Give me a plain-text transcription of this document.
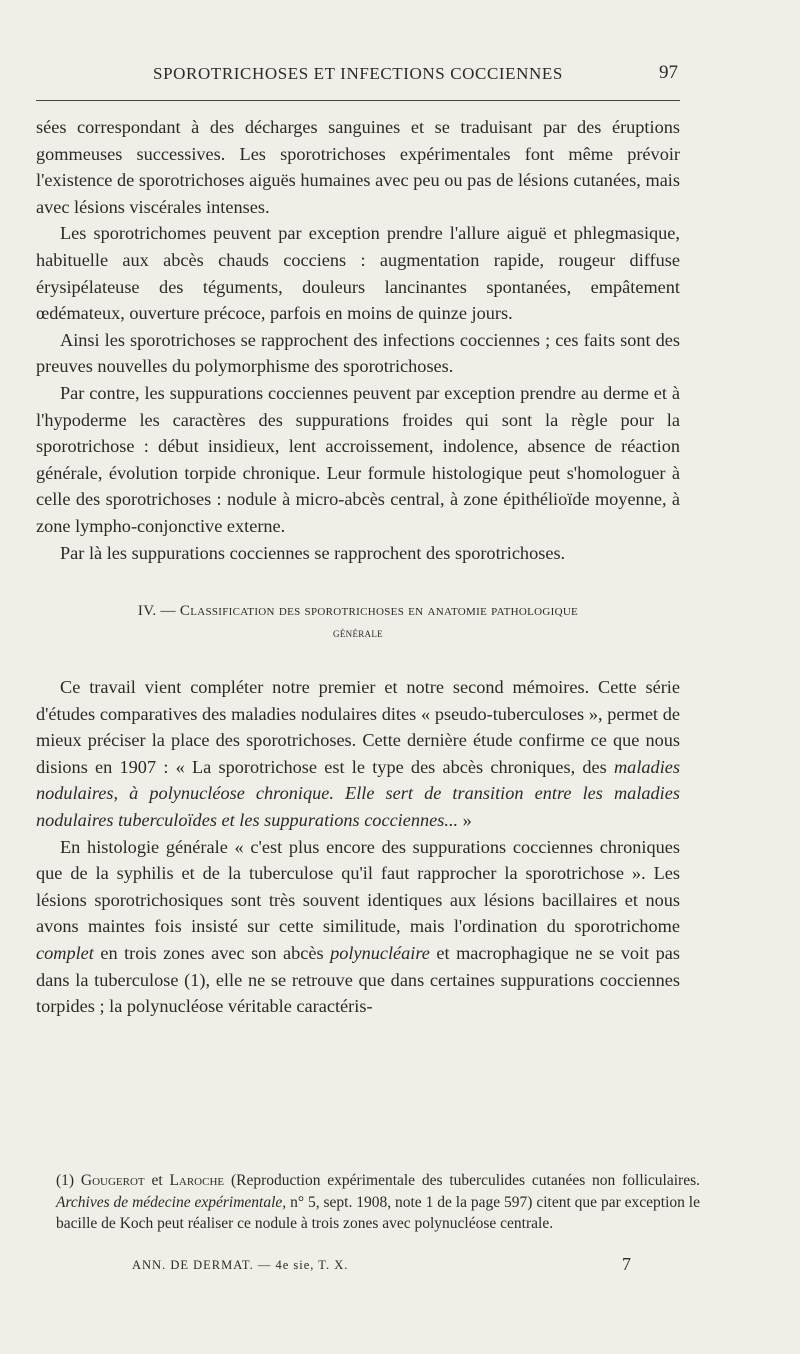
SPOROTRICHOSES ET INFECTIONS COCCIENNES	97

sées correspondant à des décharges sanguines et se traduisant par des éruptions gommeuses successives. Les sporotrichoses expérimentales font même prévoir l'existence de sporotrichoses aiguës humaines avec peu ou pas de lésions cutanées, mais avec lésions viscérales intenses.

Les sporotrichomes peuvent par exception prendre l'allure aiguë et phlegmasique, habituelle aux abcès chauds cocciens : augmentation rapide, rougeur diffuse érysipélateuse des téguments, douleurs lancinantes spontanées, empâtement œdémateux, ouverture précoce, parfois en moins de quinze jours.

Ainsi les sporotrichoses se rapprochent des infections cocciennes ; ces faits sont des preuves nouvelles du polymorphisme des sporotrichoses.

Par contre, les suppurations cocciennes peuvent par exception prendre au derme et à l'hypoderme les caractères des suppurations froides qui sont la règle pour la sporotrichose : début insidieux, lent accroissement, indolence, absence de réaction générale, évolution torpide chronique. Leur formule histologique peut s'homologuer à celle des sporotrichoses : nodule à micro-abcès central, à zone épithélioïde moyenne, à zone lympho-conjonctive externe.

Par là les suppurations cocciennes se rapprochent des sporotrichoses.

IV. — Classification des sporotrichoses en anatomie pathologique
générale

Ce travail vient compléter notre premier et notre second mémoires. Cette série d'études comparatives des maladies nodulaires dites « pseudo-tuberculoses », permet de mieux préciser la place des sporotrichoses. Cette dernière étude confirme ce que nous disions en 1907 : « La sporotrichose est le type des abcès chroniques, des maladies nodulaires, à polynucléose chronique. Elle sert de transition entre les maladies nodulaires tuberculoïdes et les suppurations cocciennes... »

En histologie générale « c'est plus encore des suppurations cocciennes chroniques que de la syphilis et de la tuberculose qu'il faut rapprocher la sporotrichose ». Les lésions sporotrichosiques sont très souvent identiques aux lésions bacillaires et nous avons maintes fois insisté sur cette similitude, mais l'ordination du sporotrichome complet en trois zones avec son abcès polynucléaire et macrophagique ne se voit pas dans la tuberculose (1), elle ne se retrouve que dans certaines suppurations cocciennes torpides ; la polynucléose véritable caractéris-

(1) Gougerot et Laroche (Reproduction expérimentale des tuberculides cutanées non folliculaires. Archives de médecine expérimentale, n° 5, sept. 1908, note 1 de la page 597) citent que par exception le bacille de Koch peut réaliser ce nodule à trois zones avec polynucléose centrale.

ANN. DE DERMAT. — 4e sie, T. X.	7
